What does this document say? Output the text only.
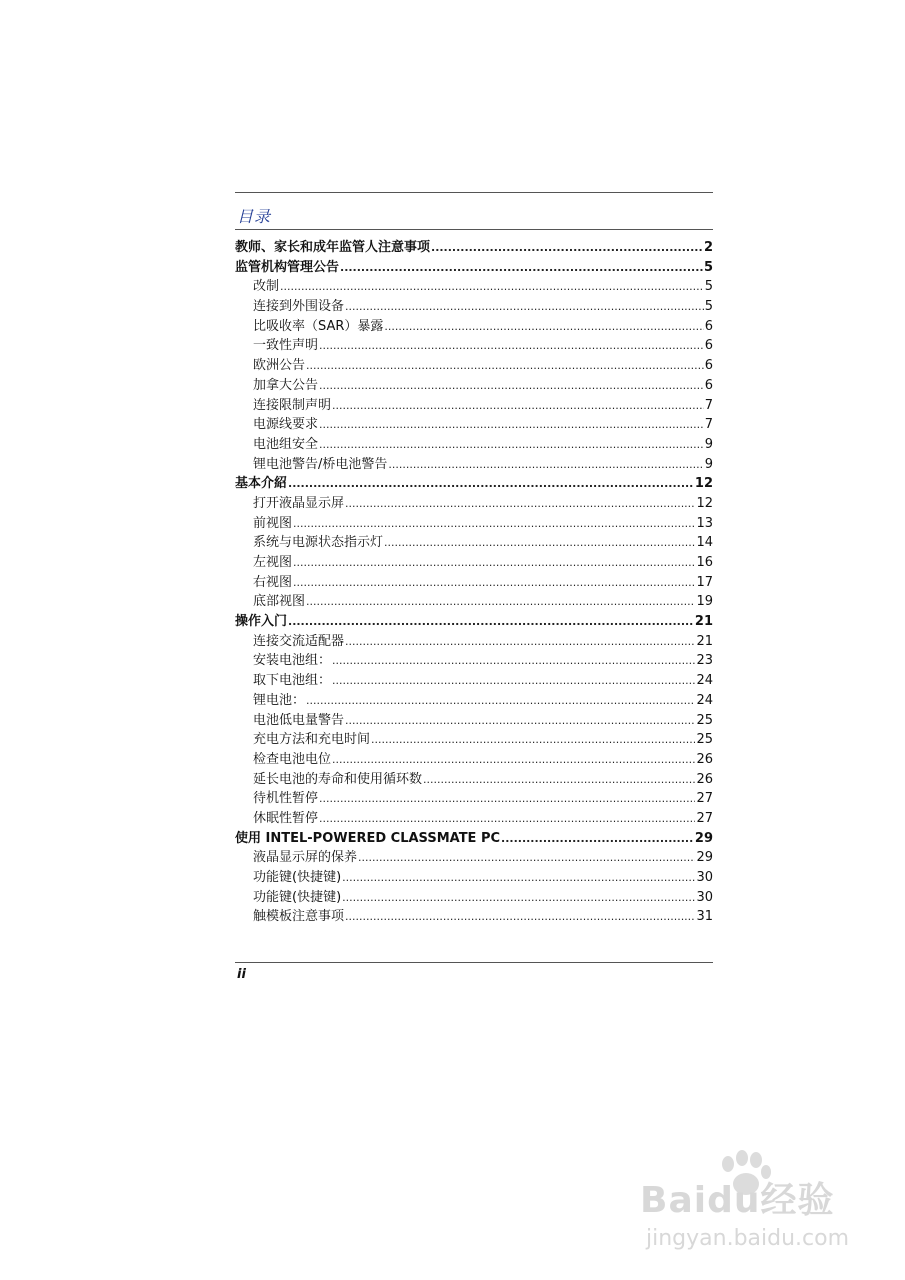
目录
教师、家长和成年监管人注意事项 .....	2
监管机构管理公告 .....	5
改制 .....	5
连接到外围设备 .....	5
比吸收率（SAR）暴露 .....	6
一致性声明 .....	6
欧洲公告 .....	6
加拿大公告 .....	6
连接限制声明 .....	7
电源线要求 .....	7
电池组安全 .....	9
锂电池警告/桥电池警告 .....	9
基本介紹 .....	12
打开液晶显示屏 .....	12
前视图 .....	13
系统与电源状态指示灯 .....	14
左视图 .....	16
右视图 .....	17
底部视图 .....	19
操作入门 .....	21
连接交流适配器 .....	21
安装电池组： .....	23
取下电池组： .....	24
锂电池： .....	24
电池低电量警告 .....	25
充电方法和充电时间 .....	25
检查电池电位 .....	26
延长电池的寿命和使用循环数 .....	26
待机性暂停 .....	27
休眠性暂停 .....	27
使用 INTEL-POWERED CLASSMATE PC .....	29
液晶显示屏的保养 .....	29
功能键(快捷键) .....	30
功能键(快捷键) .....	30
触模板注意事项 .....	31
ii
Baidu经验
jingyan.baidu.com
